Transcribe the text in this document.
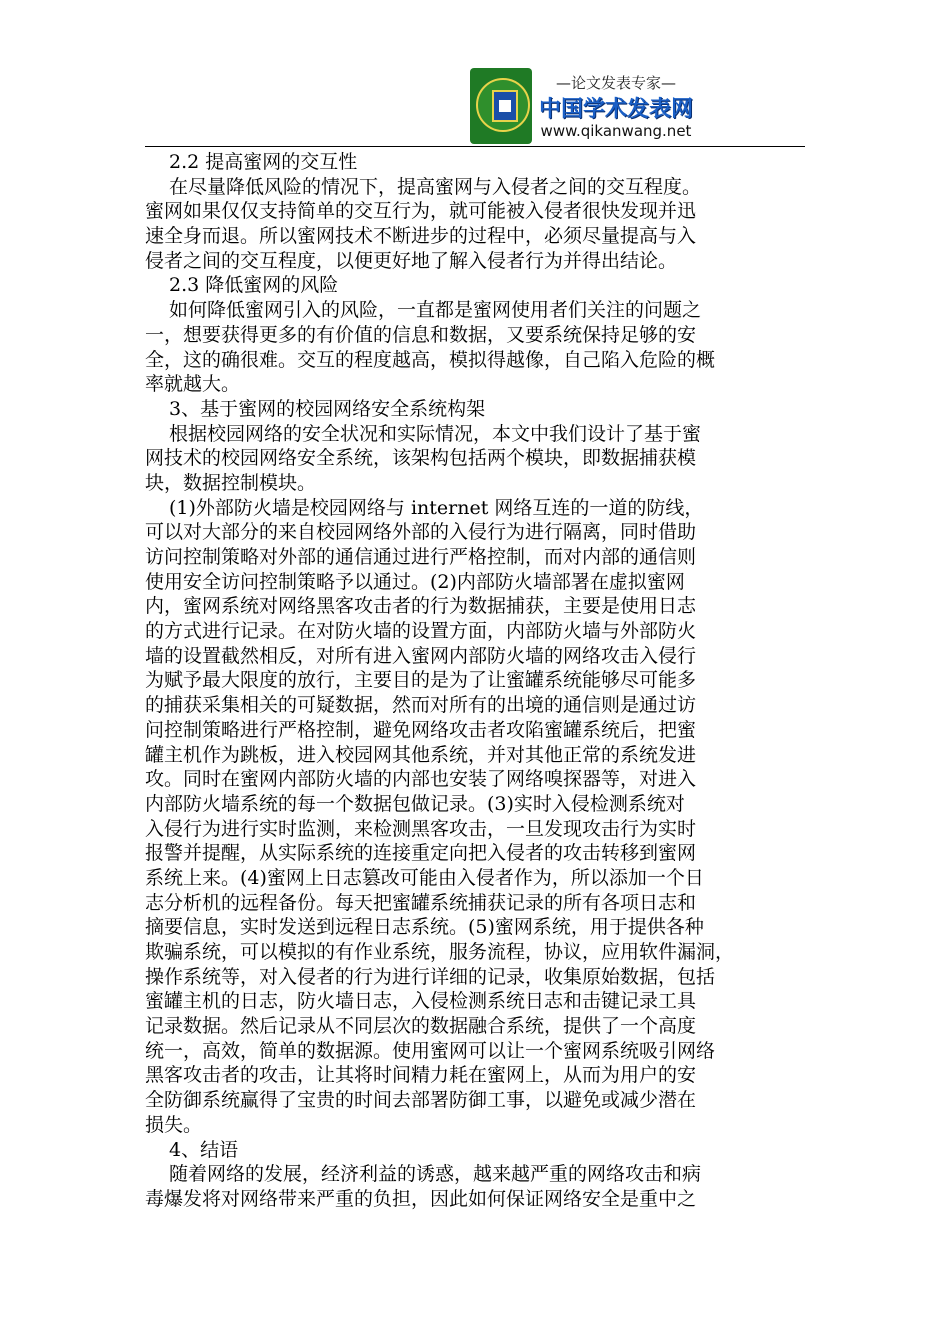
—论文发表专家—
中国学术发表网
www.qikanwang.net
2.2 提高蜜网的交互性
在尽量降低风险的情况下，提高蜜网与入侵者之间的交互程度。
蜜网如果仅仅支持简单的交互行为，就可能被入侵者很快发现并迅
速全身而退。所以蜜网技术不断进步的过程中，必须尽量提高与入
侵者之间的交互程度，以便更好地了解入侵者行为并得出结论。
2.3 降低蜜网的风险
如何降低蜜网引入的风险，一直都是蜜网使用者们关注的问题之
一，想要获得更多的有价值的信息和数据，又要系统保持足够的安
全，这的确很难。交互的程度越高，模拟得越像，自己陷入危险的概
率就越大。
3、基于蜜网的校园网络安全系统构架
根据校园网络的安全状况和实际情况，本文中我们设计了基于蜜
网技术的校园网络安全系统，该架构包括两个模块，即数据捕获模
块，数据控制模块。
(1)外部防火墙是校园网络与 internet 网络互连的一道的防线，
可以对大部分的来自校园网络外部的入侵行为进行隔离，同时借助
访问控制策略对外部的通信通过进行严格控制，而对内部的通信则
使用安全访问控制策略予以通过。(2)内部防火墙部署在虚拟蜜网
内，蜜网系统对网络黑客攻击者的行为数据捕获，主要是使用日志
的方式进行记录。在对防火墙的设置方面，内部防火墙与外部防火
墙的设置截然相反，对所有进入蜜网内部防火墙的网络攻击入侵行
为赋予最大限度的放行，主要目的是为了让蜜罐系统能够尽可能多
的捕获采集相关的可疑数据，然而对所有的出境的通信则是通过访
问控制策略进行严格控制，避免网络攻击者攻陷蜜罐系统后，把蜜
罐主机作为跳板，进入校园网其他系统，并对其他正常的系统发进
攻。同时在蜜网内部防火墙的内部也安装了网络嗅探器等，对进入
内部防火墙系统的每一个数据包做记录。(3)实时入侵检测系统对
入侵行为进行实时监测，来检测黑客攻击，一旦发现攻击行为实时
报警并提醒，从实际系统的连接重定向把入侵者的攻击转移到蜜网
系统上来。(4)蜜网上日志篡改可能由入侵者作为，所以添加一个日
志分析机的远程备份。每天把蜜罐系统捕获记录的所有各项日志和
摘要信息，实时发送到远程日志系统。(5)蜜网系统，用于提供各种
欺骗系统，可以模拟的有作业系统，服务流程，协议，应用软件漏洞，
操作系统等，对入侵者的行为进行详细的记录，收集原始数据，包括
蜜罐主机的日志，防火墙日志，入侵检测系统日志和击键记录工具
记录数据。然后记录从不同层次的数据融合系统，提供了一个高度
统一，高效，简单的数据源。使用蜜网可以让一个蜜网系统吸引网络
黑客攻击者的攻击，让其将时间精力耗在蜜网上，从而为用户的安
全防御系统赢得了宝贵的时间去部署防御工事，以避免或减少潜在
损失。
4、结语
随着网络的发展，经济利益的诱惑，越来越严重的网络攻击和病
毒爆发将对网络带来严重的负担，因此如何保证网络安全是重中之
